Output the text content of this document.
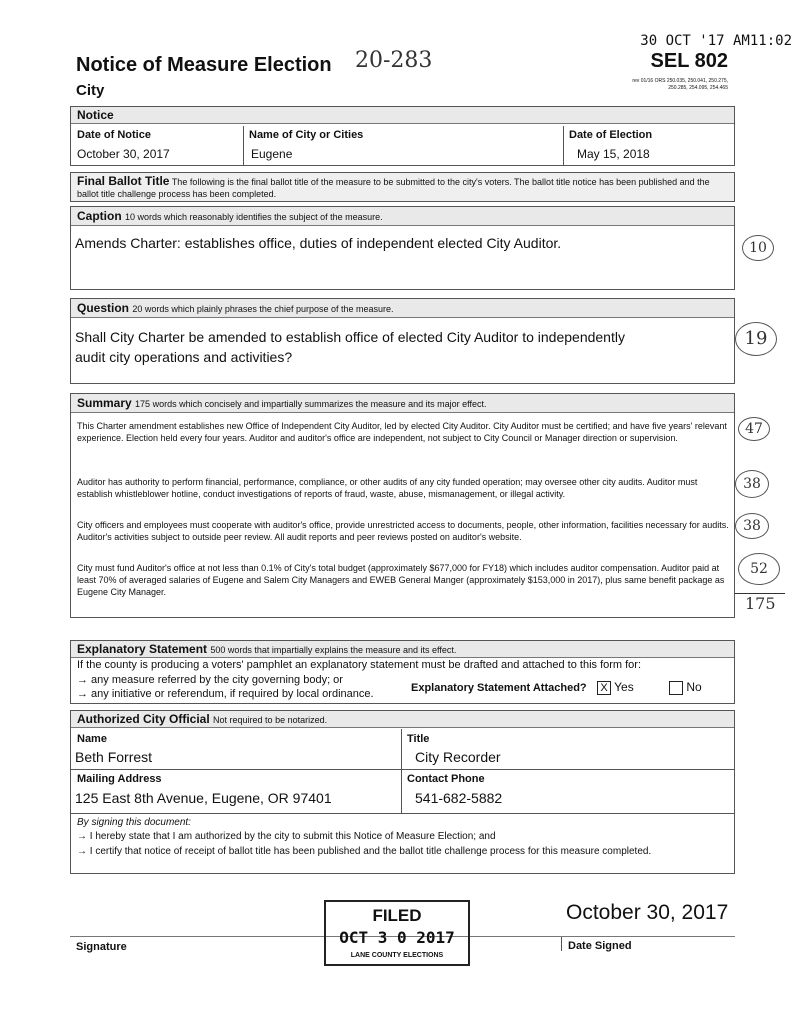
Notice of Measure Election
City
20-283
30 OCT '17 AM11:02
SEL 802
rev 01/16 ORS 250.035, 250.041, 250.275, 250.285, 254.095, 254.465
Notice
Date of Notice
October 30, 2017
Name of City or Cities
Eugene
Date of Election
May 15, 2018
Final Ballot Title The following is the final ballot title of the measure to be submitted to the city's voters. The ballot title notice has been published and the ballot title challenge process has been completed.
Caption 10 words which reasonably identifies the subject of the measure.
Amends Charter: establishes office, duties of independent elected City Auditor.
Question 20 words which plainly phrases the chief purpose of the measure.
Shall City Charter be amended to establish office of elected City Auditor to independently audit city operations and activities?
Summary 175 words which concisely and impartially summarizes the measure and its major effect.
This Charter amendment establishes new Office of Independent City Auditor, led by elected City Auditor. City Auditor must be certified; and have five years' relevant experience. Election held every four years. Auditor and auditor's office are independent, not subject to City Council or Manager direction or supervision.
Auditor has authority to perform financial, performance, compliance, or other audits of any city funded operation; may oversee other city audits. Auditor must establish whistleblower hotline, conduct investigations of reports of fraud, waste, abuse, mismanagement, or illegal activity.
City officers and employees must cooperate with auditor's office, provide unrestricted access to documents, people, other information, facilities necessary for audits. Auditor's activities subject to outside peer review. All audit reports and peer reviews posted on auditor's website.
City must fund Auditor's office at not less than 0.1% of City's total budget (approximately $677,000 for FY18) which includes auditor compensation. Auditor paid at least 70% of averaged salaries of Eugene and Salem City Managers and EWEB General Manger (approximately $153,000 in 2017), plus same benefit package as Eugene City Manager.
10
19
47
38
38
52
175
Explanatory Statement 500 words that impartially explains the measure and its effect.
If the county is producing a voters' pamphlet an explanatory statement must be drafted and attached to this form for:
→ any measure referred by the city governing body; or
→ any initiative or referendum, if required by local ordinance.	Explanatory Statement Attached?	X Yes	No
Authorized City Official Not required to be notarized.
Name
Beth Forrest
Title
City Recorder
Mailing Address
125 East 8th Avenue, Eugene, OR 97401
Contact Phone
541-682-5882
By signing this document:
→ I hereby state that I am authorized by the city to submit this Notice of Measure Election; and
→ I certify that notice of receipt of ballot title has been published and the ballot title challenge process for this measure completed.
Signature
FILED
OCT 3 0 2017
LANE COUNTY ELECTIONS
October 30, 2017
Date Signed
